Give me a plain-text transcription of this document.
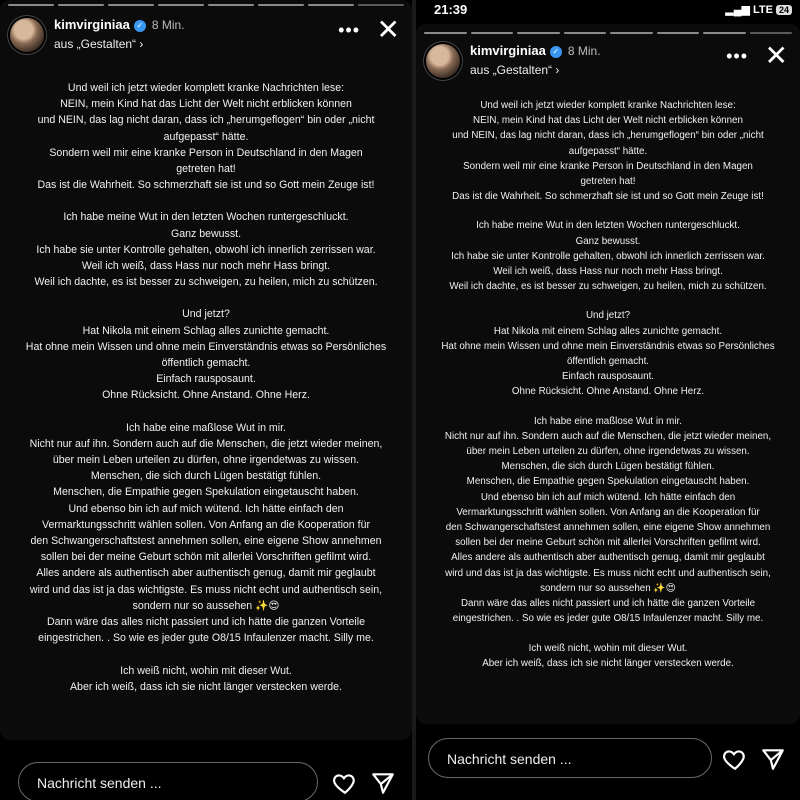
kimvirginiaa ✓ 8 Min.
aus „Gestalten“ ›
••• ✕
Und weil ich jetzt wieder komplett kranke Nachrichten lese:
NEIN, mein Kind hat das Licht der Welt nicht erblicken können
und NEIN, das lag nicht daran, dass ich „herumgeflogen“ bin oder „nicht
aufgepasst“ hätte.
Sondern weil mir eine kranke Person in Deutschland in den Magen
getreten hat!
Das ist die Wahrheit. So schmerzhaft sie ist und so Gott mein Zeuge ist!
Ich habe meine Wut in den letzten Wochen runtergeschluckt.
Ganz bewusst.
Ich habe sie unter Kontrolle gehalten, obwohl ich innerlich zerrissen war.
Weil ich weiß, dass Hass nur noch mehr Hass bringt.
Weil ich dachte, es ist besser zu schweigen, zu heilen, mich zu schützen.
Und jetzt?
Hat Nikola mit einem Schlag alles zunichte gemacht.
Hat ohne mein Wissen und ohne mein Einverständnis etwas so Persönliches
öffentlich gemacht.
Einfach rausposaunt.
Ohne Rücksicht. Ohne Anstand. Ohne Herz.
Ich habe eine maßlose Wut in mir.
Nicht nur auf ihn. Sondern auch auf die Menschen, die jetzt wieder meinen,
über mein Leben urteilen zu dürfen, ohne irgendetwas zu wissen.
Menschen, die sich durch Lügen bestätigt fühlen.
Menschen, die Empathie gegen Spekulation eingetauscht haben.
Und ebenso bin ich auf mich wütend. Ich hätte einfach den
Vermarktungsschritt wählen sollen. Von Anfang an die Kooperation für
den Schwangerschaftstest annehmen sollen, eine eigene Show annehmen
sollen bei der meine Geburt schön mit allerlei Vorschriften gefilmt wird.
Alles andere als authentisch aber authentisch genug, damit mir geglaubt
wird und das ist ja das wichtigste. Es muss nicht echt und authentisch sein,
sondern nur so aussehen ✨😍
Dann wäre das alles nicht passiert und ich hätte die ganzen Vorteile
eingestrichen. . So wie es jeder gute O8/15 Infaulenzer macht. Silly me.
Ich weiß nicht, wohin mit dieser Wut.
Aber ich weiß, dass ich sie nicht länger verstecken werde.
Nachricht senden ...
21:39	▂▄▆ LTE 24
kimvirginiaa ✓ 8 Min.
aus „Gestalten“ ›
••• ✕
Und weil ich jetzt wieder komplett kranke Nachrichten lese:
NEIN, mein Kind hat das Licht der Welt nicht erblicken können
und NEIN, das lag nicht daran, dass ich „herumgeflogen“ bin oder „nicht
aufgepasst“ hätte.
Sondern weil mir eine kranke Person in Deutschland in den Magen
getreten hat!
Das ist die Wahrheit. So schmerzhaft sie ist und so Gott mein Zeuge ist!
Ich habe meine Wut in den letzten Wochen runtergeschluckt.
Ganz bewusst.
Ich habe sie unter Kontrolle gehalten, obwohl ich innerlich zerrissen war.
Weil ich weiß, dass Hass nur noch mehr Hass bringt.
Weil ich dachte, es ist besser zu schweigen, zu heilen, mich zu schützen.
Und jetzt?
Hat Nikola mit einem Schlag alles zunichte gemacht.
Hat ohne mein Wissen und ohne mein Einverständnis etwas so Persönliches
öffentlich gemacht.
Einfach rausposaunt.
Ohne Rücksicht. Ohne Anstand. Ohne Herz.
Ich habe eine maßlose Wut in mir.
Nicht nur auf ihn. Sondern auch auf die Menschen, die jetzt wieder meinen,
über mein Leben urteilen zu dürfen, ohne irgendetwas zu wissen.
Menschen, die sich durch Lügen bestätigt fühlen.
Menschen, die Empathie gegen Spekulation eingetauscht haben.
Und ebenso bin ich auf mich wütend. Ich hätte einfach den
Vermarktungsschritt wählen sollen. Von Anfang an die Kooperation für
den Schwangerschaftstest annehmen sollen, eine eigene Show annehmen
sollen bei der meine Geburt schön mit allerlei Vorschriften gefilmt wird.
Alles andere als authentisch aber authentisch genug, damit mir geglaubt
wird und das ist ja das wichtigste. Es muss nicht echt und authentisch sein,
sondern nur so aussehen ✨😍
Dann wäre das alles nicht passiert und ich hätte die ganzen Vorteile
eingestrichen. . So wie es jeder gute O8/15 Infaulenzer macht. Silly me.
Ich weiß nicht, wohin mit dieser Wut.
Aber ich weiß, dass ich sie nicht länger verstecken werde.
Nachricht senden ...
